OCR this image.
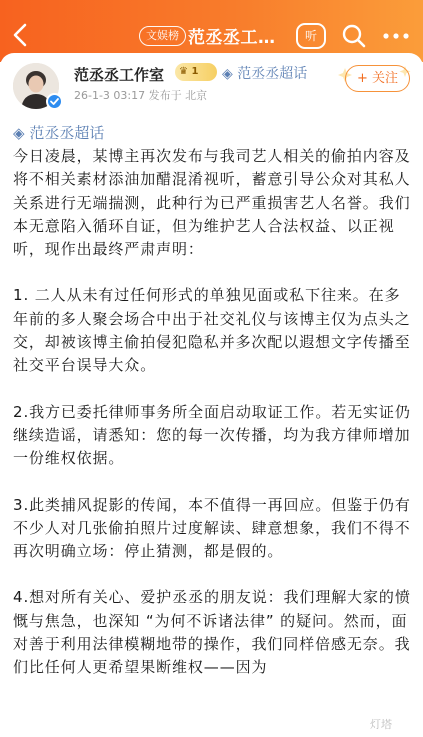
文娱榜 范丞丞工…	听
范丞丞工作室	♛ 1	◈ 范丞丞超话
26-1-3 03:17 发布于 北京
+ 关注
◈ 范丞丞超话

今日凌晨，某博主再次发布与我司艺人相关的偷拍内容及将不相关素材添油加醋混淆视听，蓄意引导公众对其私人关系进行无端揣测，此种行为已严重损害艺人名誉。我们本无意陷入循环自证，但为维护艺人合法权益、以正视听，现作出最终严肃声明：

1. 二人从未有过任何形式的单独见面或私下往来。在多年前的多人聚会场合中出于社交礼仪与该博主仅为点头之交，却被该博主偷拍侵犯隐私并多次配以遐想文字传播至社交平台误导大众。

2.我方已委托律师事务所全面启动取证工作。若无实证仍继续造谣，请悉知：您的每一次传播，均为我方律师增加一份维权依据。

3.此类捕风捉影的传闻，本不值得一再回应。但鉴于仍有不少人对几张偷拍照片过度解读、肆意想象，我们不得不再次明确立场：停止猜测，都是假的。

4.想对所有关心、爱护丞丞的朋友说：我们理解大家的愤慨与焦急，也深知 “为何不诉诸法律” 的疑问。然而，面对善于利用法律模糊地带的操作，我们同样倍感无奈。我们比任何人更希望果断维权——因为

灯塔
